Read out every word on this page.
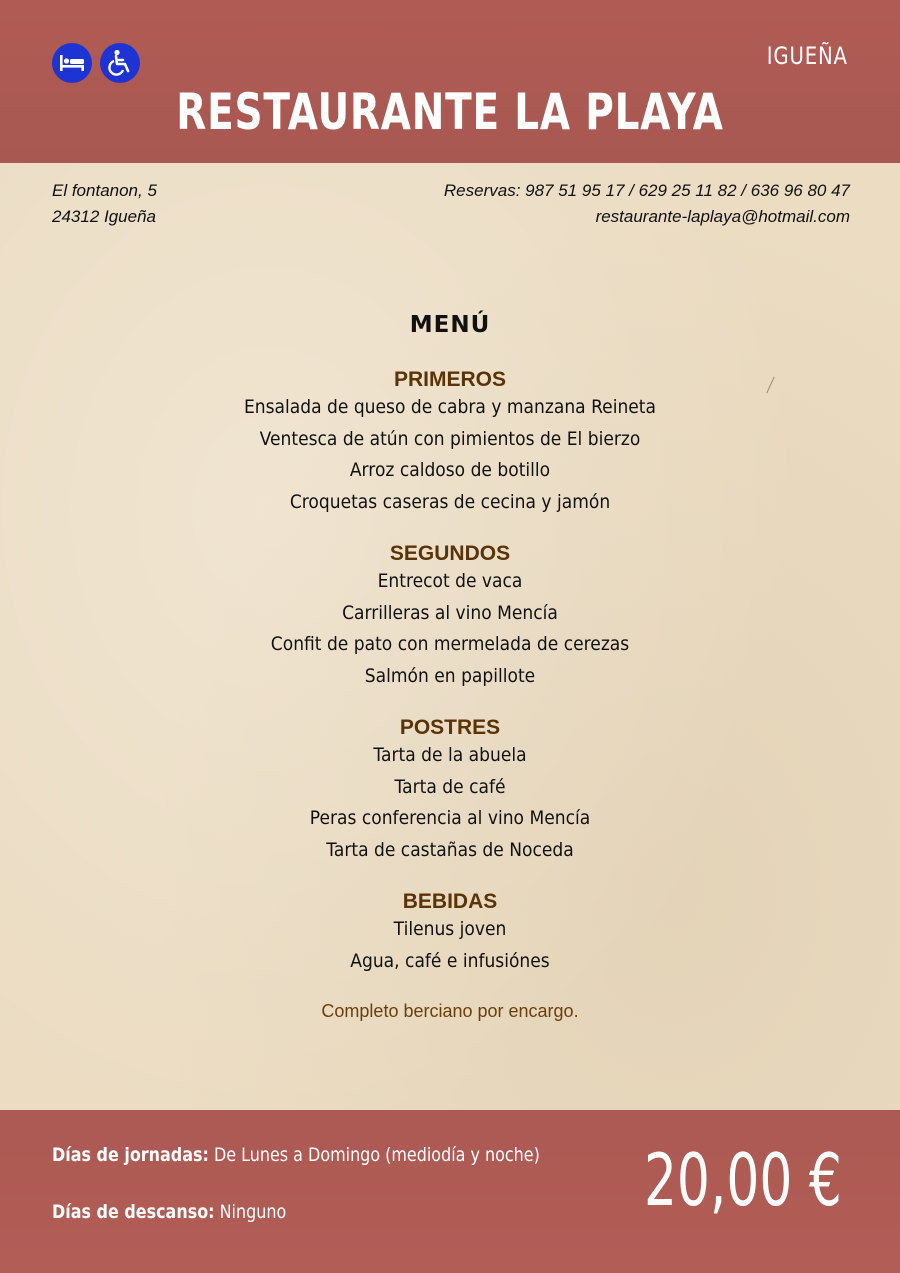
IGUEÑA
RESTAURANTE LA PLAYA
El fontanon, 5
24312 Igueña
Reservas: 987 51 95 17 / 629 25 11 82 / 636 96 80 47
restaurante-laplaya@hotmail.com
MENÚ
PRIMEROS
Ensalada de queso de cabra y manzana Reineta
Ventesca de atún con pimientos de El bierzo
Arroz caldoso de botillo
Croquetas caseras de cecina y jamón
SEGUNDOS
Entrecot de vaca
Carrilleras al vino Mencía
Confit de pato con mermelada de cerezas
Salmón en papillote
POSTRES
Tarta de la abuela
Tarta de café
Peras conferencia al vino Mencía
Tarta de castañas de Noceda
BEBIDAS
Tilenus joven
Agua, café e infusiónes
Completo berciano por encargo.
Días de jornadas: De Lunes a Domingo (mediodía y noche)
Días de descanso: Ninguno	20,00 €
